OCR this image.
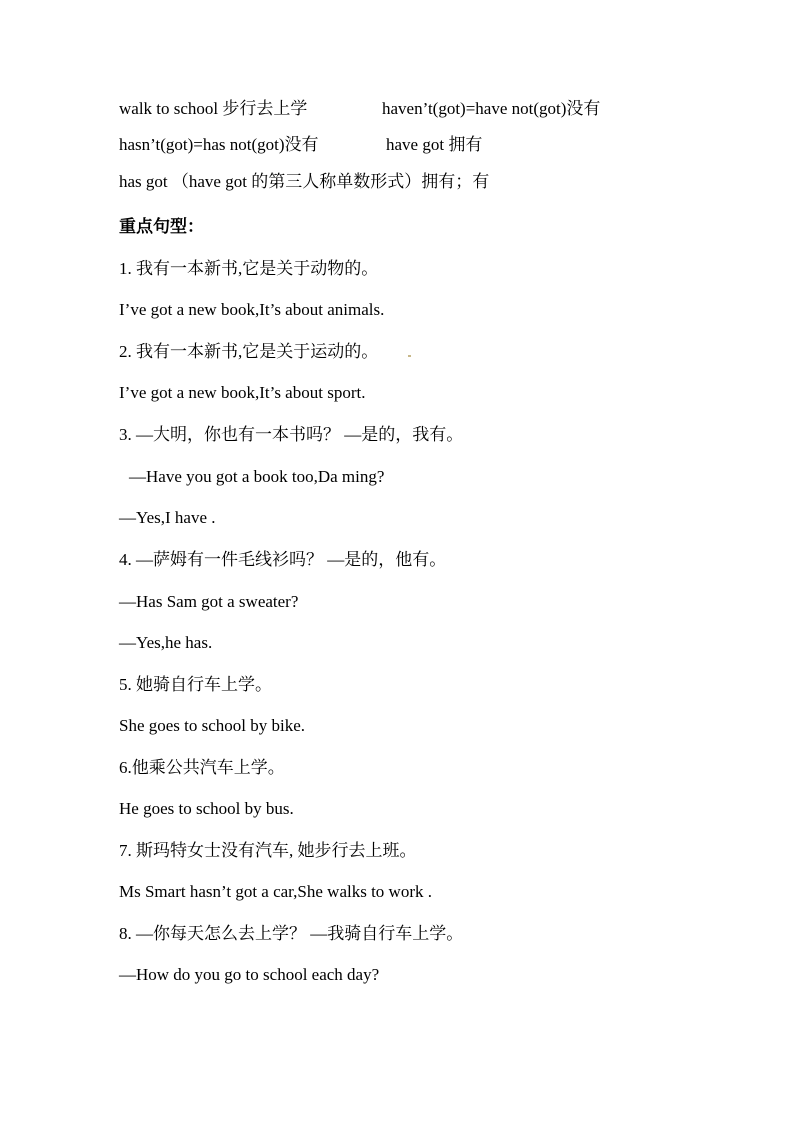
walk to school 步行去上学	haven’t(got)=have not(got)没有
hasn’t(got)=has not(got)没有	have got 拥有
has got （have got 的第三人称单数形式）拥有；有
重点句型：
1. 我有一本新书,它是关于动物的。
I’ve got a new book,It’s about animals.
2. 我有一本新书,它是关于运动的。
I’ve got a new book,It’s about sport.
3. —大明，你也有一本书吗？ —是的，我有。
—Have you got a book too,Da ming?
—Yes,I have .
4. —萨姆有一件毛线衫吗？ —是的，他有。
—Has Sam got a sweater?
—Yes,he has.
5. 她骑自行车上学。
She goes to school by bike.
6.他乘公共汽车上学。
He goes to school by bus.
7. 斯玛特女士没有汽车, 她步行去上班。
Ms Smart hasn’t got a car,She walks to work .
8. —你每天怎么去上学？ —我骑自行车上学。
—How do you go to school each day?
